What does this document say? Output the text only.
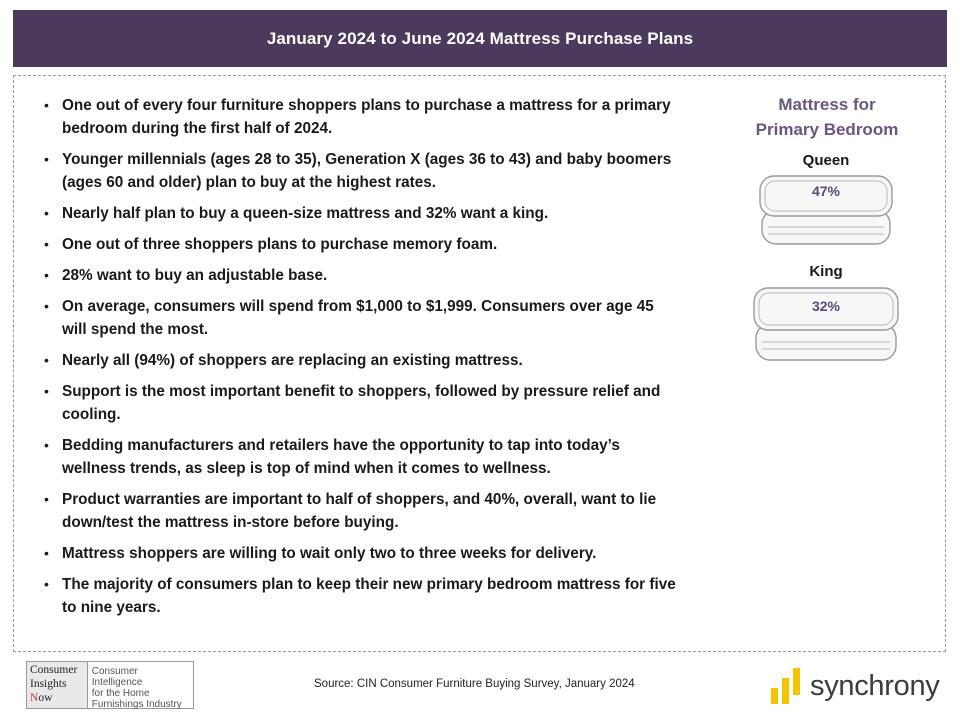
January 2024 to June 2024 Mattress Purchase Plans
• One out of every four furniture shoppers plans to purchase a mattress for a primary bedroom during the first half of 2024.
• Younger millennials (ages 28 to 35), Generation X (ages 36 to 43) and baby boomers (ages 60 and older) plan to buy at the highest rates.
• Nearly half plan to buy a queen-size mattress and 32% want a king.
• One out of three shoppers plans to purchase memory foam.
• 28% want to buy an adjustable base.
• On average, consumers will spend from $1,000 to $1,999. Consumers over age 45 will spend the most.
• Nearly all (94%) of shoppers are replacing an existing mattress.
• Support is the most important benefit to shoppers, followed by pressure relief and cooling.
• Bedding manufacturers and retailers have the opportunity to tap into today’s wellness trends, as sleep is top of mind when it comes to wellness.
• Product warranties are important to half of shoppers, and 40%, overall, want to lie down/test the mattress in-store before buying.
• Mattress shoppers are willing to wait only two to three weeks for delivery.
• The majority of consumers plan to keep their new primary bedroom mattress for five to nine years.
Mattress for
Primary Bedroom
Queen
47%
King
32%
Consumer
Insights
Now
Consumer Intelligence
for the Home
Furnishings Industry
Source: CIN Consumer Furniture Buying Survey, January 2024	synchrony
